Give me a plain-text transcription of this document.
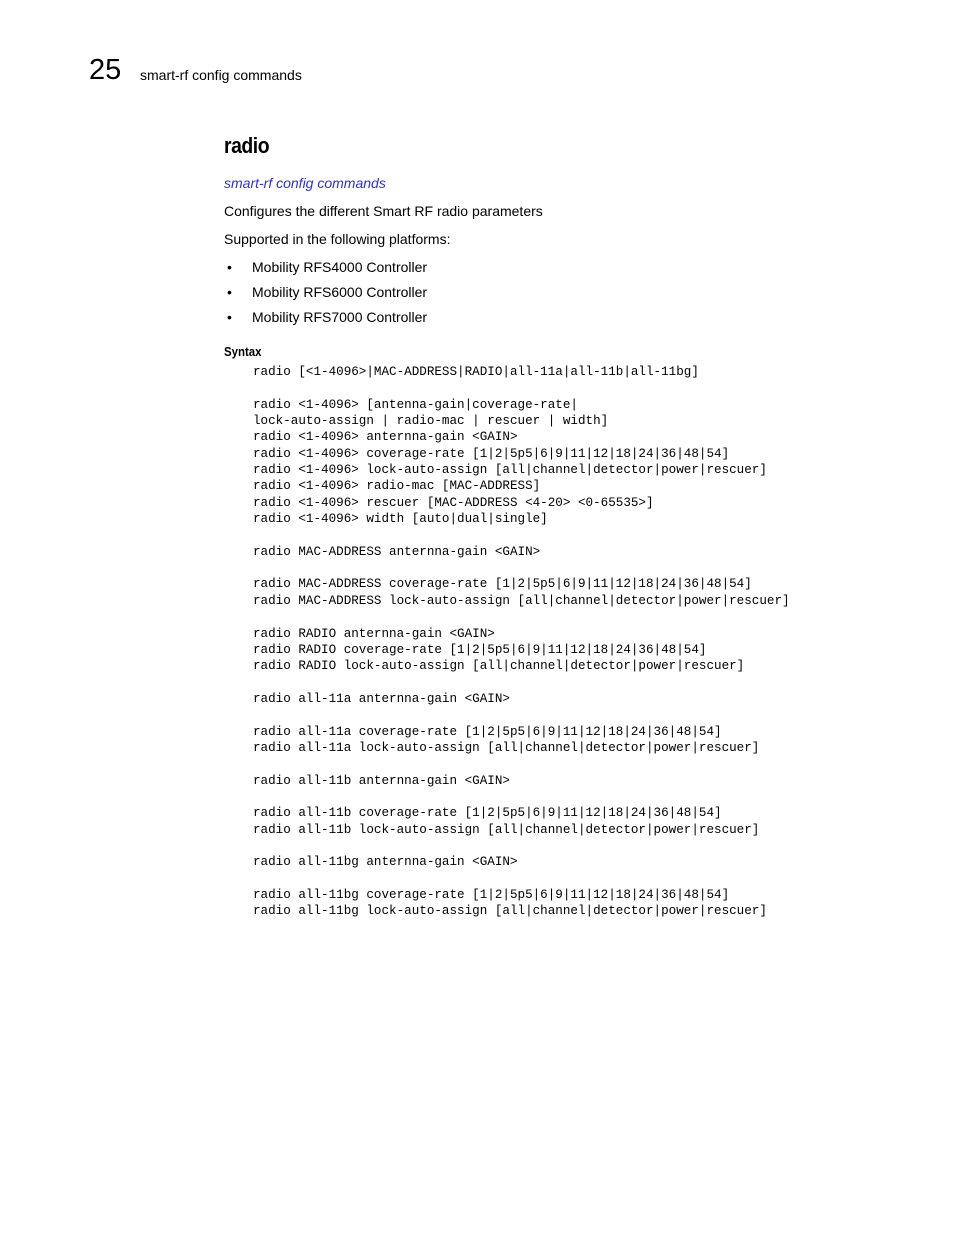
25 smart-rf config commands
radio
smart-rf config commands

Configures the different Smart RF radio parameters

Supported in the following platforms:

• Mobility RFS4000 Controller
• Mobility RFS6000 Controller
• Mobility RFS7000 Controller
Syntax
radio [<1-4096>|MAC-ADDRESS|RADIO|all-11a|all-11b|all-11bg]

radio <1-4096> [antenna-gain|coverage-rate|
lock-auto-assign | radio-mac | rescuer | width]
radio <1-4096> anternna-gain <GAIN>
radio <1-4096> coverage-rate [1|2|5p5|6|9|11|12|18|24|36|48|54]
radio <1-4096> lock-auto-assign [all|channel|detector|power|rescuer]
radio <1-4096> radio-mac [MAC-ADDRESS]
radio <1-4096> rescuer [MAC-ADDRESS <4-20> <0-65535>]
radio <1-4096> width [auto|dual|single]

radio MAC-ADDRESS anternna-gain <GAIN>

radio MAC-ADDRESS coverage-rate [1|2|5p5|6|9|11|12|18|24|36|48|54]
radio MAC-ADDRESS lock-auto-assign [all|channel|detector|power|rescuer]

radio RADIO anternna-gain <GAIN>
radio RADIO coverage-rate [1|2|5p5|6|9|11|12|18|24|36|48|54]
radio RADIO lock-auto-assign [all|channel|detector|power|rescuer]

radio all-11a anternna-gain <GAIN>

radio all-11a coverage-rate [1|2|5p5|6|9|11|12|18|24|36|48|54]
radio all-11a lock-auto-assign [all|channel|detector|power|rescuer]

radio all-11b anternna-gain <GAIN>

radio all-11b coverage-rate [1|2|5p5|6|9|11|12|18|24|36|48|54]
radio all-11b lock-auto-assign [all|channel|detector|power|rescuer]

radio all-11bg anternna-gain <GAIN>

radio all-11bg coverage-rate [1|2|5p5|6|9|11|12|18|24|36|48|54]
radio all-11bg lock-auto-assign [all|channel|detector|power|rescuer]
